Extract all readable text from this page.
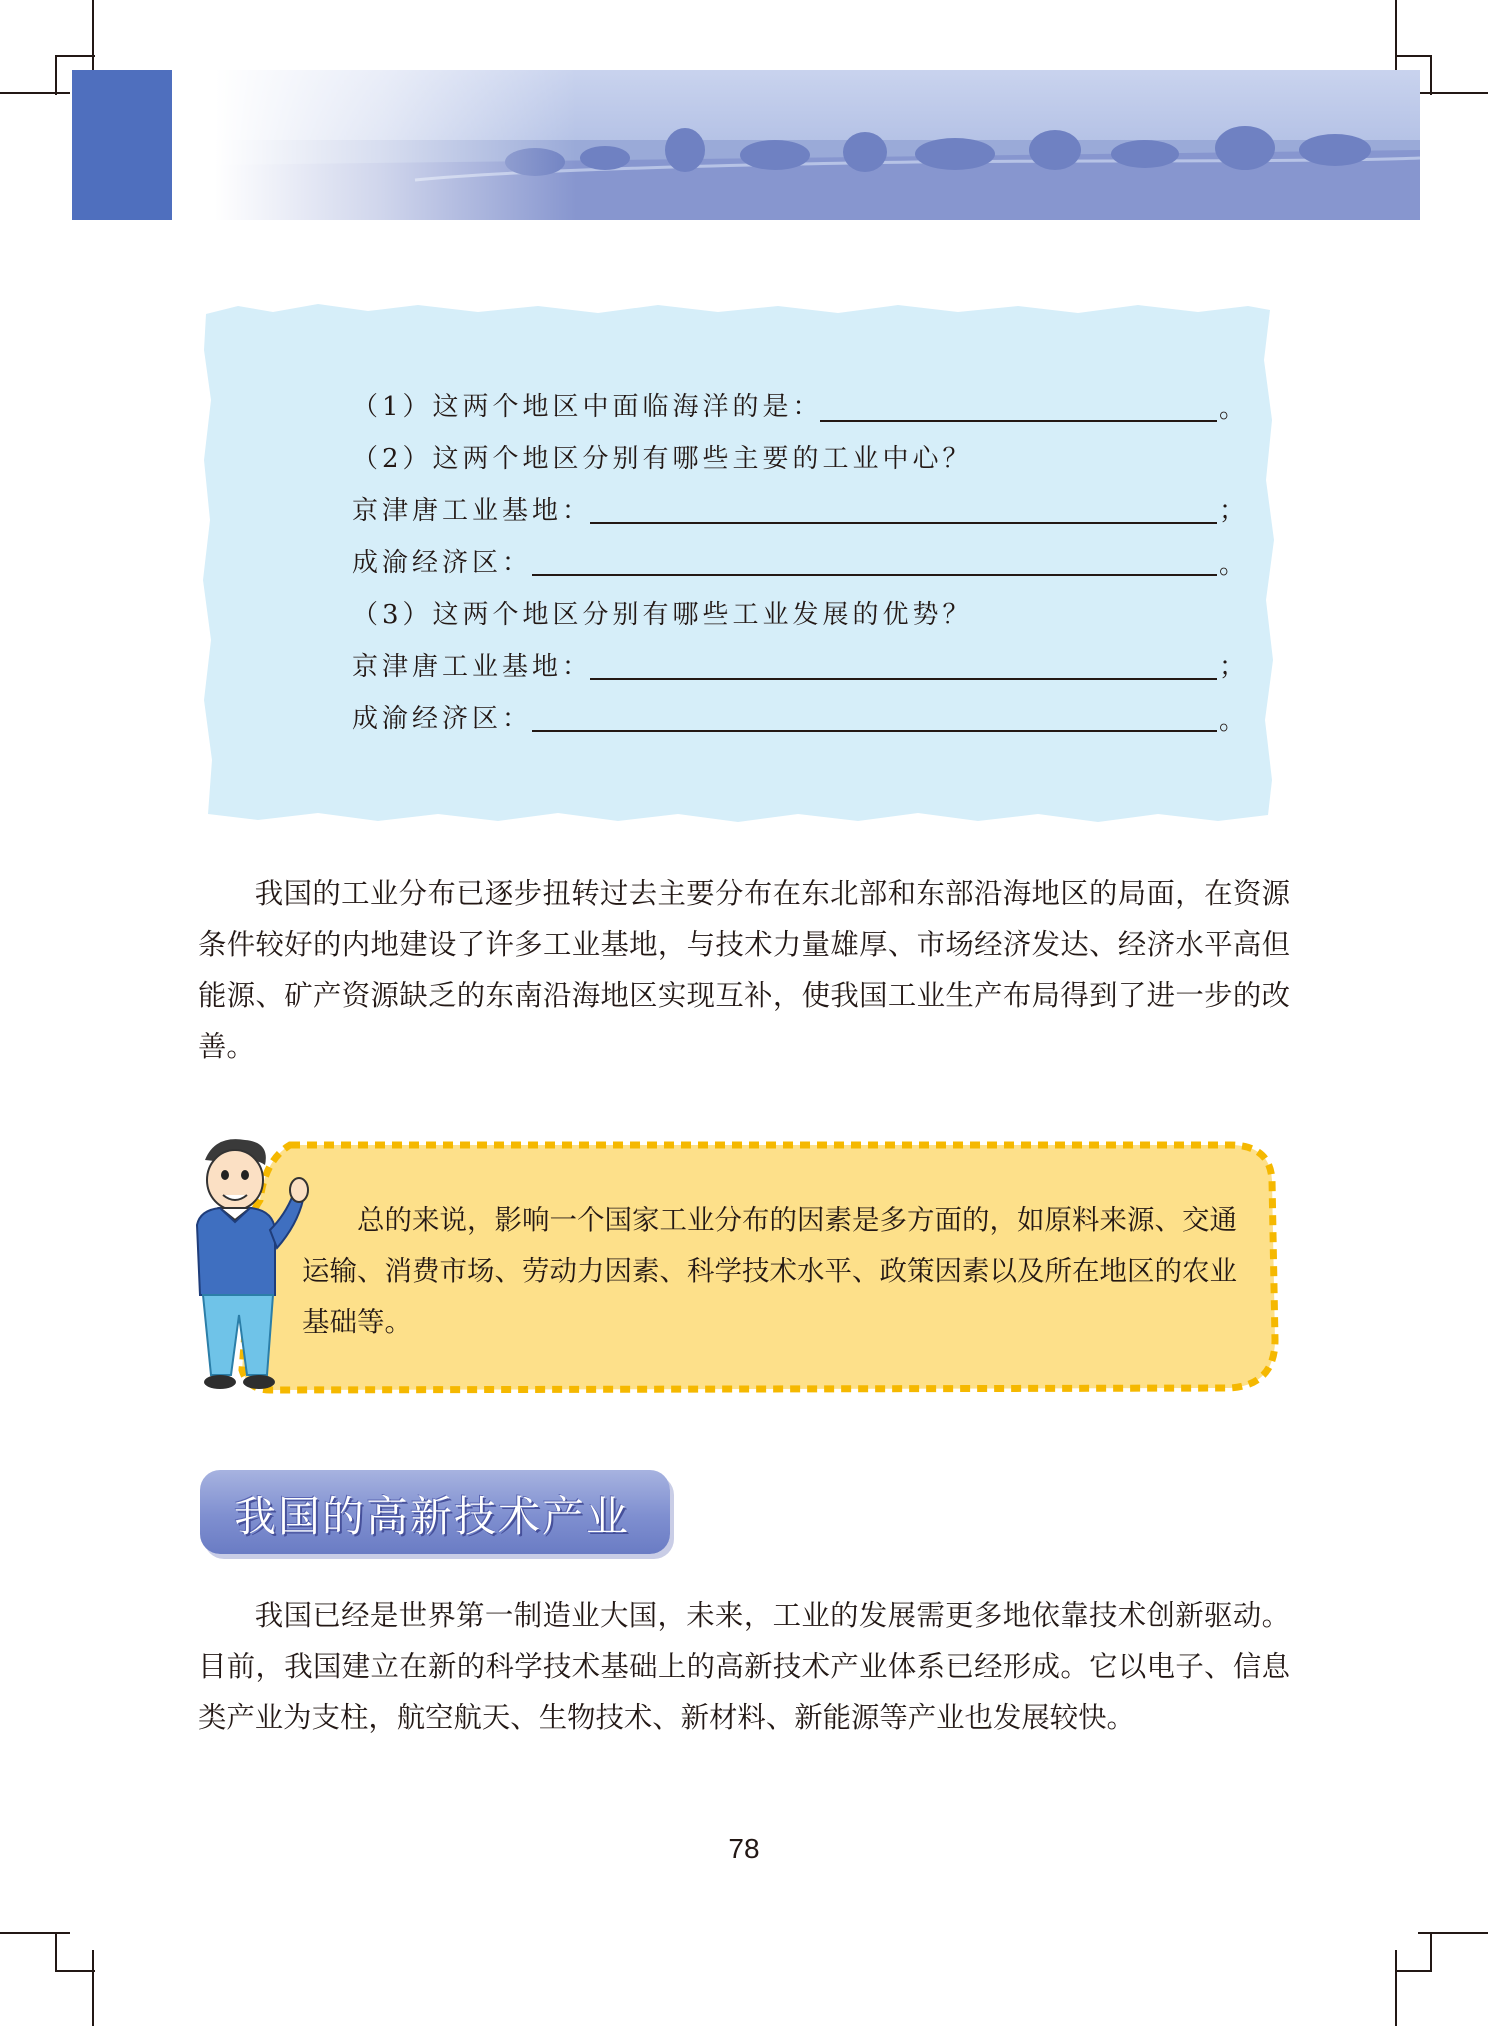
（1）这两个地区中面临海洋的是：	。
（2）这两个地区分别有哪些主要的工业中心？
京津唐工业基地：	；
成渝经济区：	。
（3）这两个地区分别有哪些工业发展的优势？
京津唐工业基地：	；
成渝经济区：	。

我国的工业分布已逐步扭转过去主要分布在东北部和东部沿海地区的局面，在资源条件较好的内地建设了许多工业基地，与技术力量雄厚、市场经济发达、经济水平高但能源、矿产资源缺乏的东南沿海地区实现互补，使我国工业生产布局得到了进一步的改善。

总的来说，影响一个国家工业分布的因素是多方面的，如原料来源、交通运输、消费市场、劳动力因素、科学技术水平、政策因素以及所在地区的农业基础等。

我国的高新技术产业

我国已经是世界第一制造业大国，未来，工业的发展需更多地依靠技术创新驱动。目前，我国建立在新的科学技术基础上的高新技术产业体系已经形成。它以电子、信息类产业为支柱，航空航天、生物技术、新材料、新能源等产业也发展较快。

78
